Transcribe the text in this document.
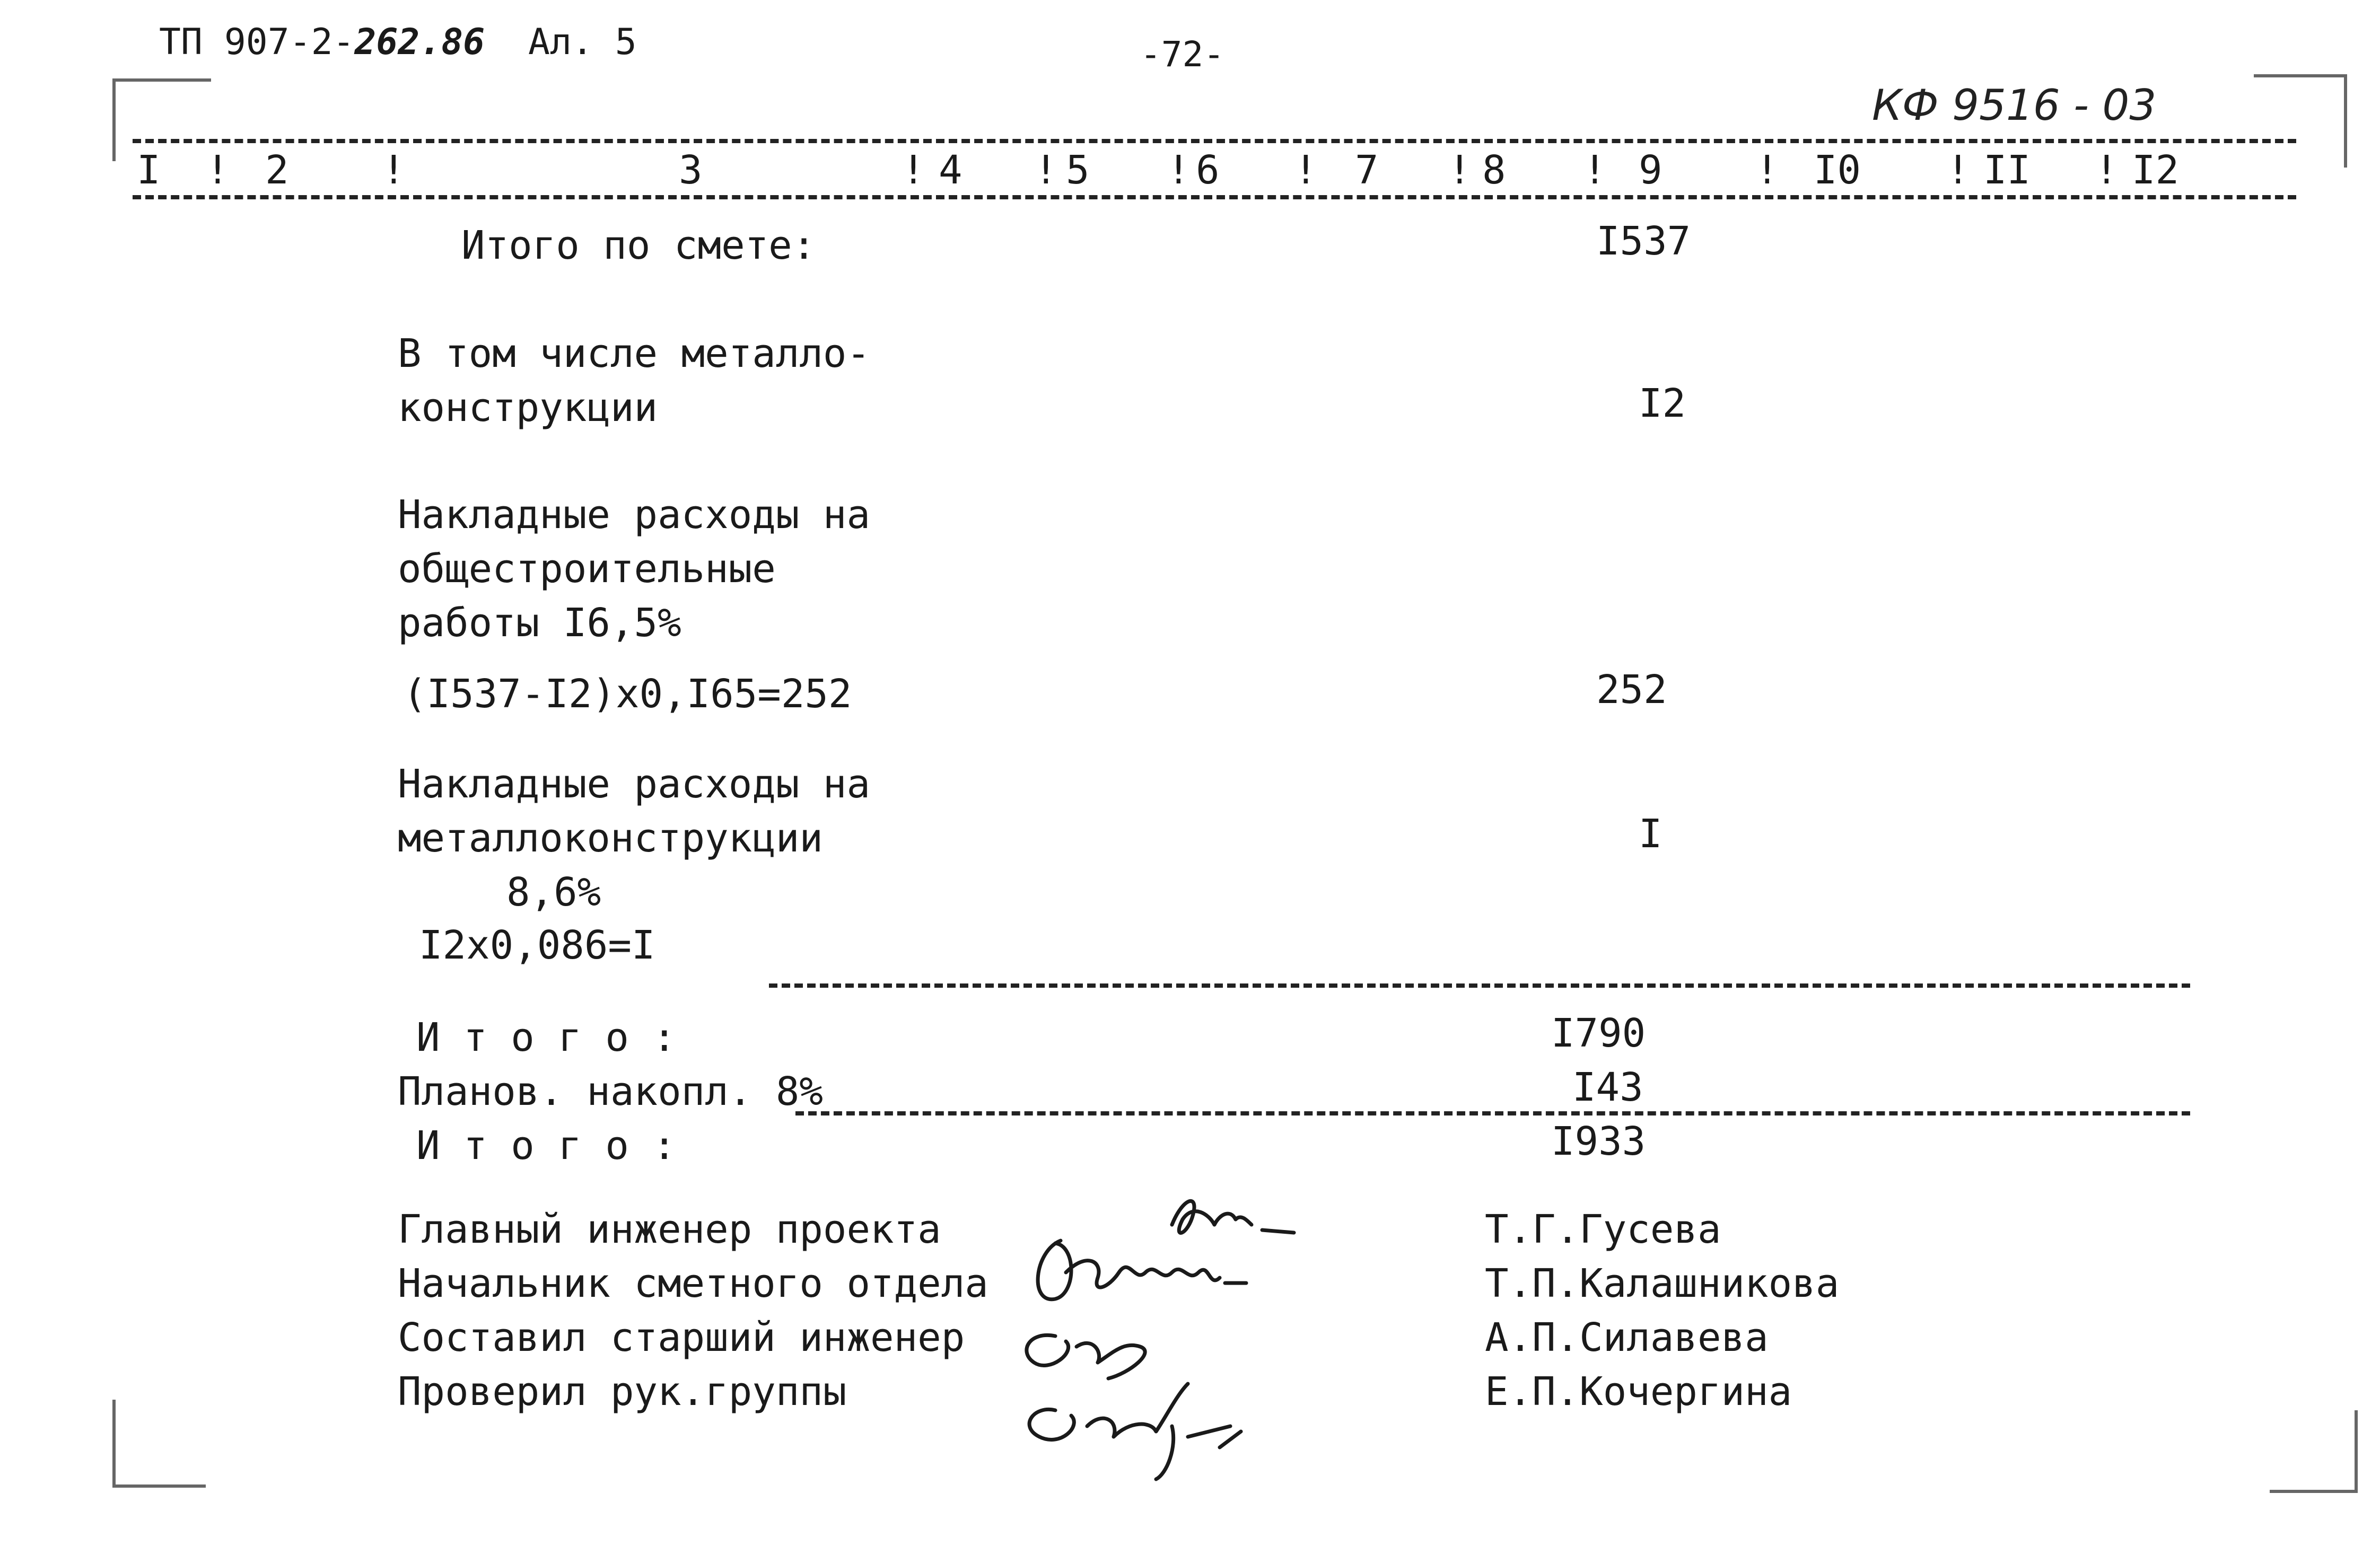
ТП 907-2-262.86 Ал. 5	-72-
КФ 9516 - 03
I ! 2 !	3	! 4 ! 5 ! 6 ! 7 ! 8 ! 9 ! I0 ! II ! I2
Итого по смете:	I537
В том числе металло-
конструкции	I2
Накладные расходы на
общестроительные
работы I6,5%
(I537-I2)x0,I65=252	252
Накладные расходы на
металлоконструкции	I
8,6%
I2x0,086=I
И т о г о :	I790
Планов. накопл. 8%	I43
И т о г о :	I933
Главный инженер проекта	Т.Г.Гусева
Начальник сметного отдела	Т.П.Калашникова
Составил старший инженер	А.П.Силавева
Проверил рук.группы	Е.П.Кочергина
